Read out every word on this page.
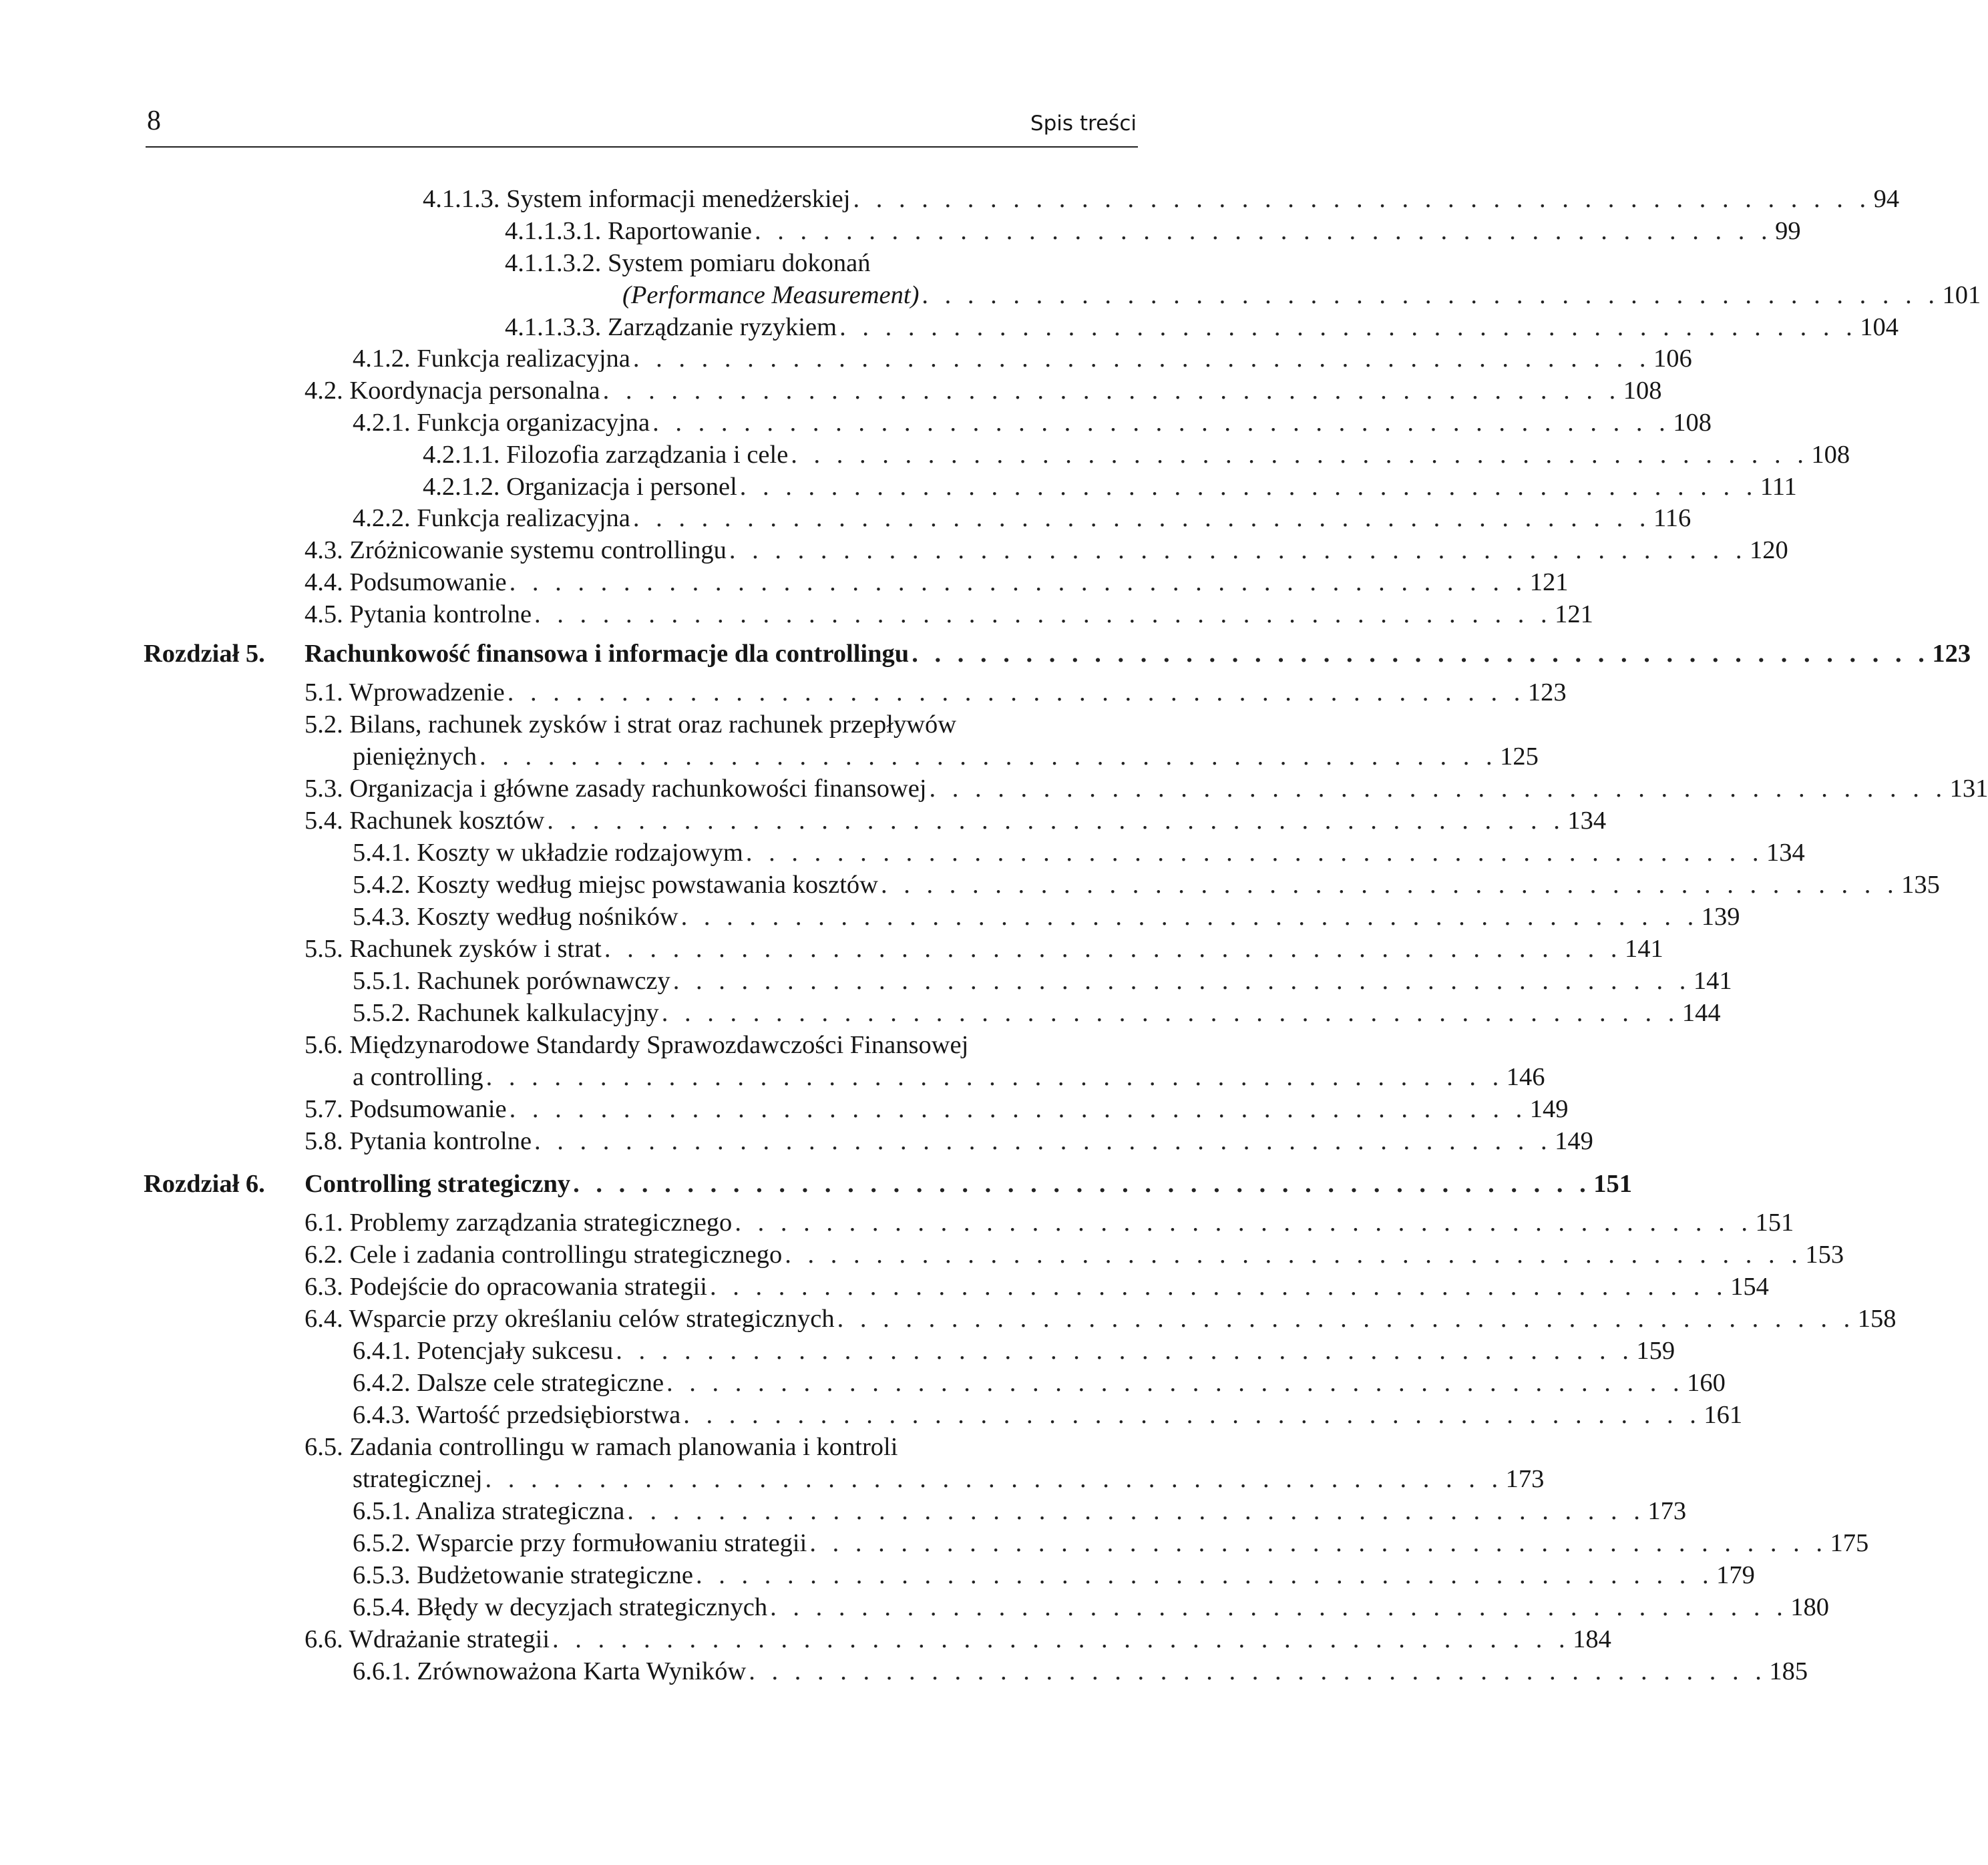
8	Spis treści
4.1.1.3. System informacji menedżerskiej . . . . . . . . . . . . . . . . . . . . . . . . . . . . . . . . . . . . . . . . . . . . . 94
4.1.1.3.1. Raportowanie . . . . . . . . . . . . . . . . . . . . . . . . . . . . . . . . . . . . . . . . . . . . . 99
4.1.1.3.2. System pomiaru dokonań
(Performance Measurement) . . . . . . . . . . . . . . . . . . . . . . . . . . . . . . . . . . . . . . . . . . . . . 101
4.1.1.3.3. Zarządzanie ryzykiem . . . . . . . . . . . . . . . . . . . . . . . . . . . . . . . . . . . . . . . . . . . . . 104
4.1.2. Funkcja realizacyjna . . . . . . . . . . . . . . . . . . . . . . . . . . . . . . . . . . . . . . . . . . . . . 106
4.2. Koordynacja personalna . . . . . . . . . . . . . . . . . . . . . . . . . . . . . . . . . . . . . . . . . . . . . 108
4.2.1. Funkcja organizacyjna . . . . . . . . . . . . . . . . . . . . . . . . . . . . . . . . . . . . . . . . . . . . . 108
4.2.1.1. Filozofia zarządzania i cele . . . . . . . . . . . . . . . . . . . . . . . . . . . . . . . . . . . . . . . . . . . . . 108
4.2.1.2. Organizacja i personel . . . . . . . . . . . . . . . . . . . . . . . . . . . . . . . . . . . . . . . . . . . . . 111
4.2.2. Funkcja realizacyjna . . . . . . . . . . . . . . . . . . . . . . . . . . . . . . . . . . . . . . . . . . . . . 116
4.3. Zróżnicowanie systemu controllingu . . . . . . . . . . . . . . . . . . . . . . . . . . . . . . . . . . . . . . . . . . . . . 120
4.4. Podsumowanie . . . . . . . . . . . . . . . . . . . . . . . . . . . . . . . . . . . . . . . . . . . . . 121
4.5. Pytania kontrolne . . . . . . . . . . . . . . . . . . . . . . . . . . . . . . . . . . . . . . . . . . . . . 121
Rozdział 5. Rachunkowość finansowa i informacje dla controllingu . . . . . . . . . . . . . . . . . . . . . . . . . . . . . . . . . . . . . . . . . . . . . 123
5.1. Wprowadzenie . . . . . . . . . . . . . . . . . . . . . . . . . . . . . . . . . . . . . . . . . . . . . 123
5.2. Bilans, rachunek zysków i strat oraz rachunek przepływów
pieniężnych . . . . . . . . . . . . . . . . . . . . . . . . . . . . . . . . . . . . . . . . . . . . . 125
5.3. Organizacja i główne zasady rachunkowości finansowej . . . . . . . . . . . . . . . . . . . . . . . . . . . . . . . . . . . . . . . . . . . . . 131
5.4. Rachunek kosztów . . . . . . . . . . . . . . . . . . . . . . . . . . . . . . . . . . . . . . . . . . . . . 134
5.4.1. Koszty w układzie rodzajowym . . . . . . . . . . . . . . . . . . . . . . . . . . . . . . . . . . . . . . . . . . . . . 134
5.4.2. Koszty według miejsc powstawania kosztów . . . . . . . . . . . . . . . . . . . . . . . . . . . . . . . . . . . . . . . . . . . . . 135
5.4.3. Koszty według nośników . . . . . . . . . . . . . . . . . . . . . . . . . . . . . . . . . . . . . . . . . . . . . 139
5.5. Rachunek zysków i strat . . . . . . . . . . . . . . . . . . . . . . . . . . . . . . . . . . . . . . . . . . . . . 141
5.5.1. Rachunek porównawczy . . . . . . . . . . . . . . . . . . . . . . . . . . . . . . . . . . . . . . . . . . . . . 141
5.5.2. Rachunek kalkulacyjny . . . . . . . . . . . . . . . . . . . . . . . . . . . . . . . . . . . . . . . . . . . . . 144
5.6. Międzynarodowe Standardy Sprawozdawczości Finansowej
a controlling . . . . . . . . . . . . . . . . . . . . . . . . . . . . . . . . . . . . . . . . . . . . . 146
5.7. Podsumowanie . . . . . . . . . . . . . . . . . . . . . . . . . . . . . . . . . . . . . . . . . . . . . 149
5.8. Pytania kontrolne . . . . . . . . . . . . . . . . . . . . . . . . . . . . . . . . . . . . . . . . . . . . . 149
Rozdział 6. Controlling strategiczny . . . . . . . . . . . . . . . . . . . . . . . . . . . . . . . . . . . . . . . . . . . . . 151
6.1. Problemy zarządzania strategicznego . . . . . . . . . . . . . . . . . . . . . . . . . . . . . . . . . . . . . . . . . . . . . 151
6.2. Cele i zadania controllingu strategicznego . . . . . . . . . . . . . . . . . . . . . . . . . . . . . . . . . . . . . . . . . . . . . 153
6.3. Podejście do opracowania strategii . . . . . . . . . . . . . . . . . . . . . . . . . . . . . . . . . . . . . . . . . . . . . 154
6.4. Wsparcie przy określaniu celów strategicznych . . . . . . . . . . . . . . . . . . . . . . . . . . . . . . . . . . . . . . . . . . . . . 158
6.4.1. Potencjały sukcesu . . . . . . . . . . . . . . . . . . . . . . . . . . . . . . . . . . . . . . . . . . . . . 159
6.4.2. Dalsze cele strategiczne . . . . . . . . . . . . . . . . . . . . . . . . . . . . . . . . . . . . . . . . . . . . . 160
6.4.3. Wartość przedsiębiorstwa . . . . . . . . . . . . . . . . . . . . . . . . . . . . . . . . . . . . . . . . . . . . . 161
6.5. Zadania controllingu w ramach planowania i kontroli
strategicznej . . . . . . . . . . . . . . . . . . . . . . . . . . . . . . . . . . . . . . . . . . . . . 173
6.5.1. Analiza strategiczna . . . . . . . . . . . . . . . . . . . . . . . . . . . . . . . . . . . . . . . . . . . . . 173
6.5.2. Wsparcie przy formułowaniu strategii . . . . . . . . . . . . . . . . . . . . . . . . . . . . . . . . . . . . . . . . . . . . . 175
6.5.3. Budżetowanie strategiczne . . . . . . . . . . . . . . . . . . . . . . . . . . . . . . . . . . . . . . . . . . . . . 179
6.5.4. Błędy w decyzjach strategicznych . . . . . . . . . . . . . . . . . . . . . . . . . . . . . . . . . . . . . . . . . . . . . 180
6.6. Wdrażanie strategii . . . . . . . . . . . . . . . . . . . . . . . . . . . . . . . . . . . . . . . . . . . . . 184
6.6.1. Zrównoważona Karta Wyników . . . . . . . . . . . . . . . . . . . . . . . . . . . . . . . . . . . . . . . . . . . . . 185
